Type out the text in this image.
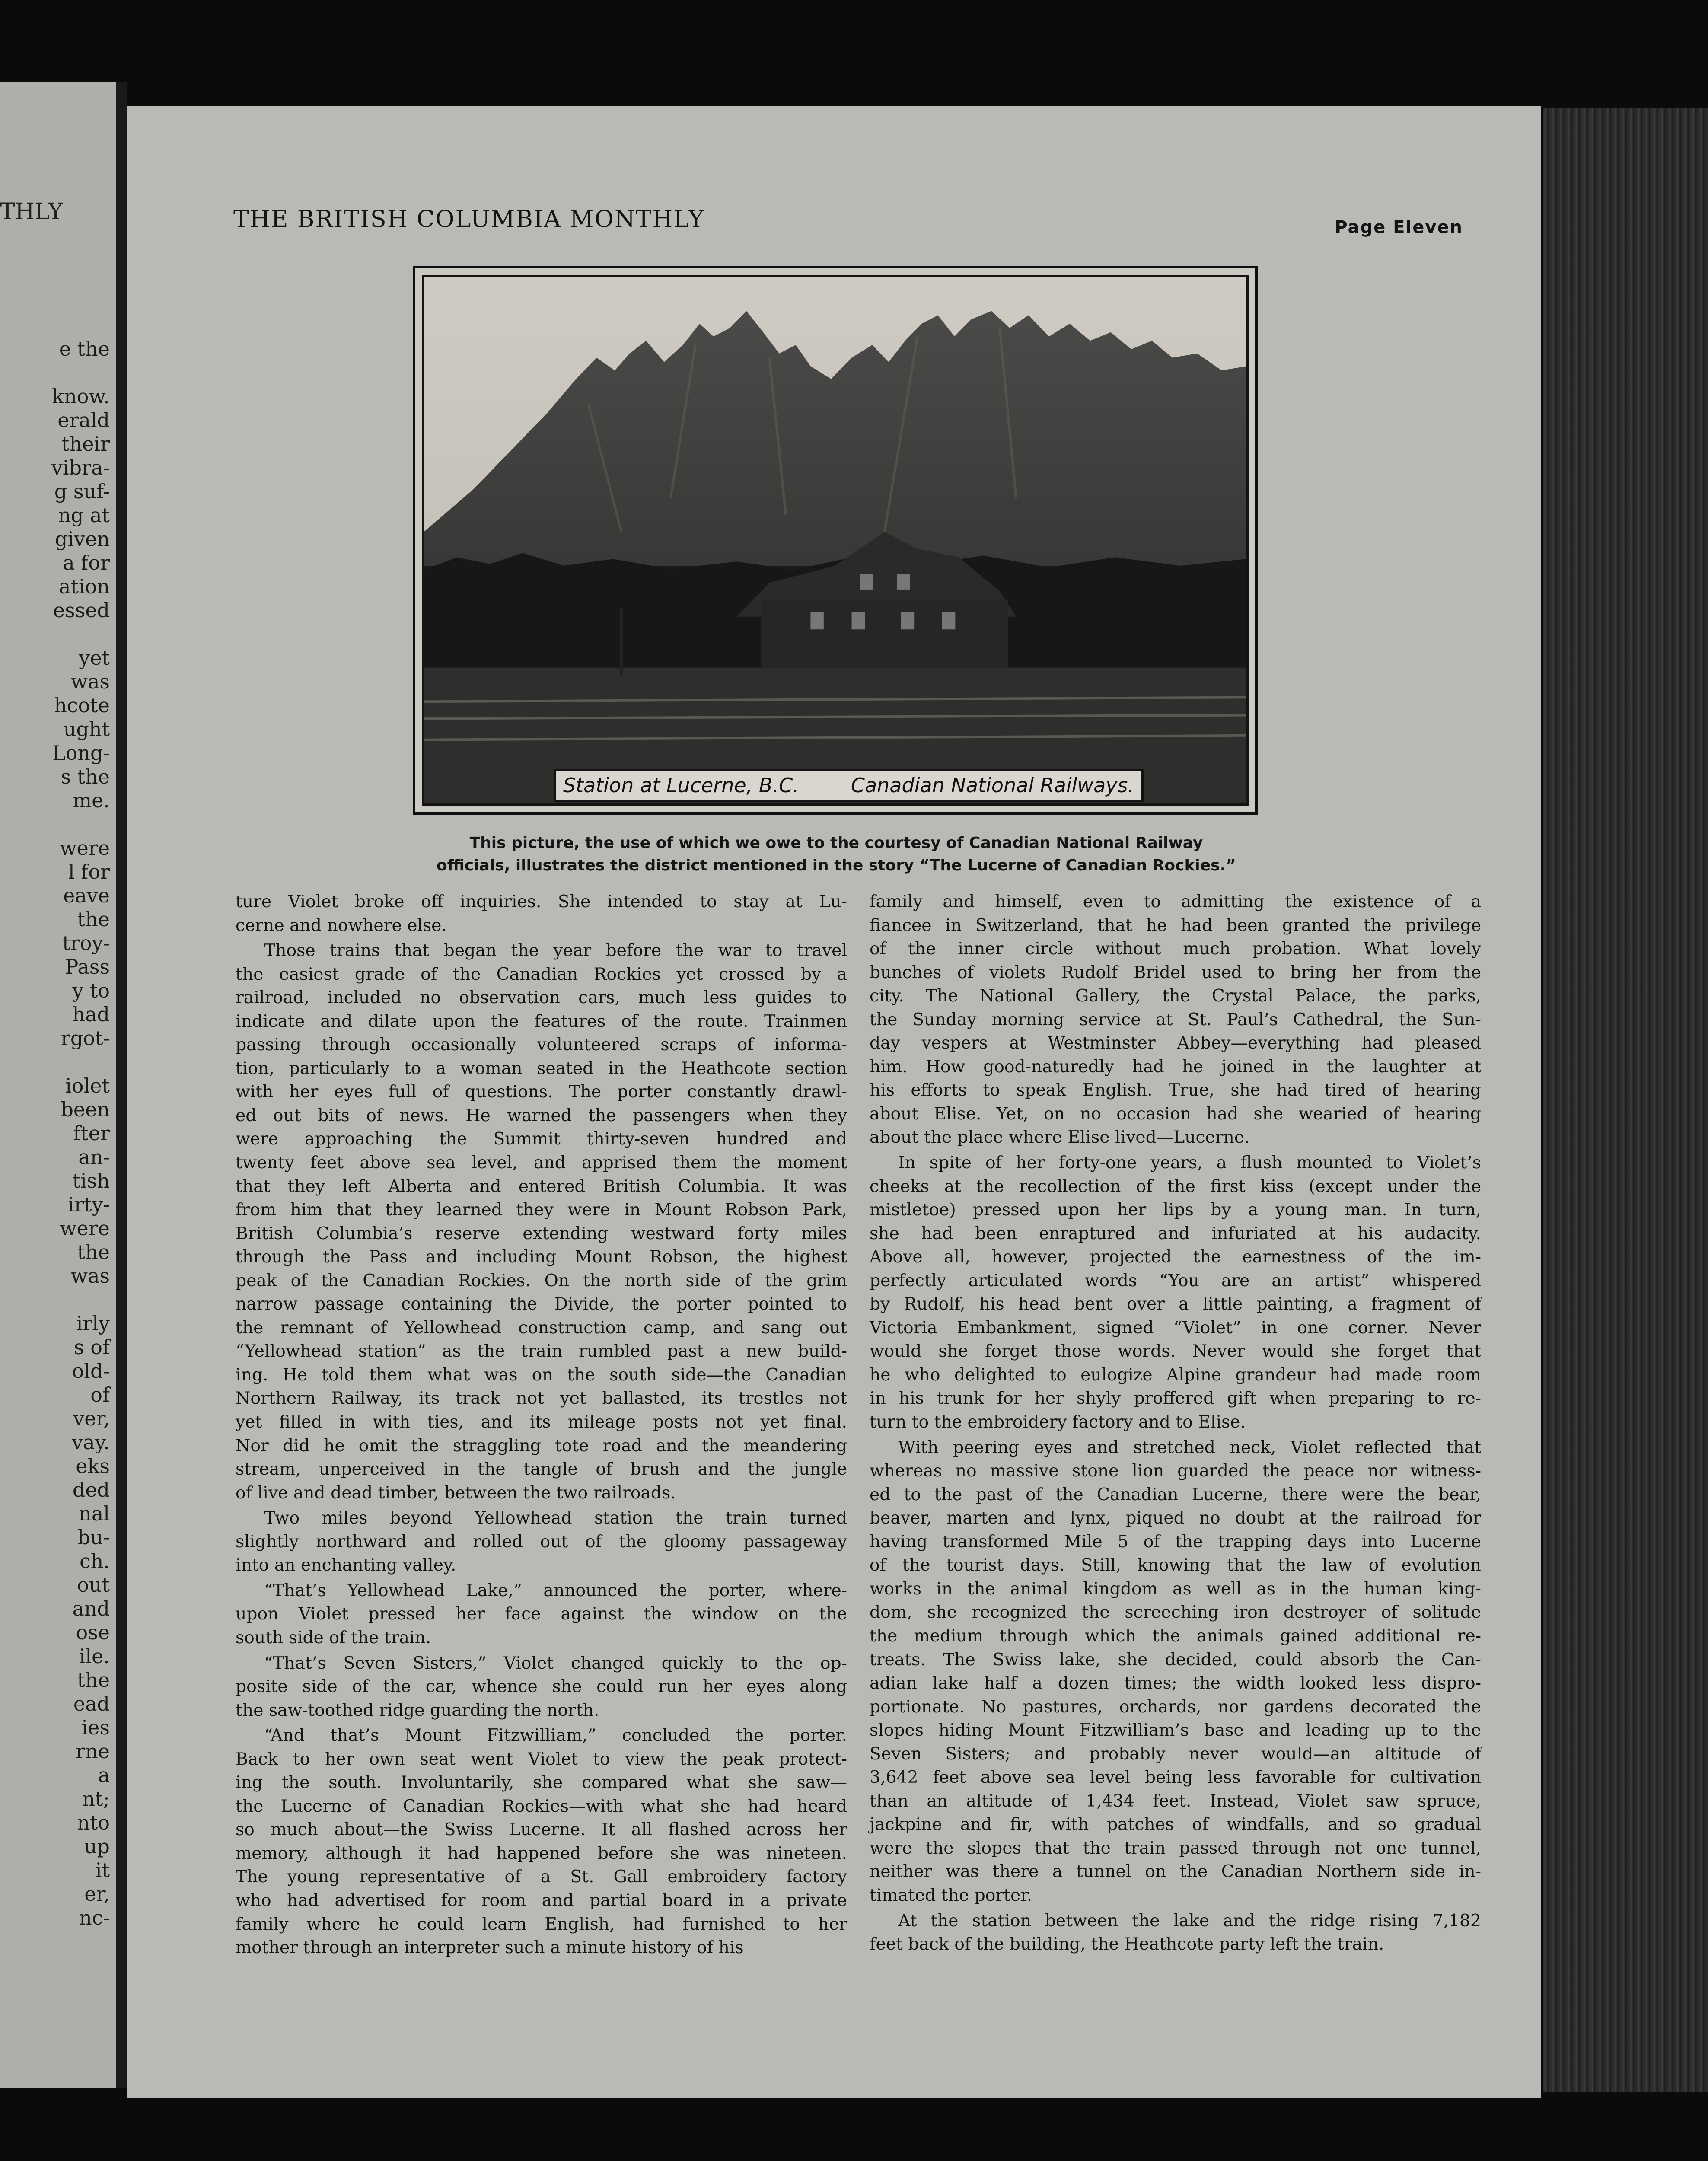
THLY
e the

know.
erald
their
vibra-
g suf-
ng at
given
a for
ation
essed

yet
was
hcote
ught
Long-
s the
me.

were
l for
eave
the
troy-
Pass
y to
had
rgot-

iolet
been
fter
an-
tish
irty-
were
the
was

irly
s of
old-
of
ver,
vay.
eks
ded
nal
bu-
ch.
out
and
ose
ile.
the
ead
ies
rne
a
nt;
nto
up
it
er,
nc-
THE BRITISH COLUMBIA MONTHLY	Page Eleven
Station at Lucerne, B.C.	Canadian National Railways.

This picture, the use of which we owe to the courtesy of Canadian National Railway

officials, illustrates the district mentioned in the story “The Lucerne of Canadian Rockies.”

ture Violet broke off inquiries. She intended to stay at Lu-
cerne and nowhere else.

Those trains that began the year before the war to travel
the easiest grade of the Canadian Rockies yet crossed by a
railroad, included no observation cars, much less guides to
indicate and dilate upon the features of the route. Trainmen
passing through occasionally volunteered scraps of informa-
tion, particularly to a woman seated in the Heathcote section
with her eyes full of questions. The porter constantly drawl-
ed out bits of news. He warned the passengers when they
were approaching the Summit thirty-seven hundred and
twenty feet above sea level, and apprised them the moment
that they left Alberta and entered British Columbia. It was
from him that they learned they were in Mount Robson Park,
British Columbia’s reserve extending westward forty miles
through the Pass and including Mount Robson, the highest
peak of the Canadian Rockies. On the north side of the grim
narrow passage containing the Divide, the porter pointed to
the remnant of Yellowhead construction camp, and sang out
“Yellowhead station” as the train rumbled past a new build-
ing. He told them what was on the south side—the Canadian
Northern Railway, its track not yet ballasted, its trestles not
yet filled in with ties, and its mileage posts not yet final.
Nor did he omit the straggling tote road and the meandering
stream, unperceived in the tangle of brush and the jungle
of live and dead timber, between the two railroads.

Two miles beyond Yellowhead station the train turned
slightly northward and rolled out of the gloomy passageway
into an enchanting valley.

“That’s Yellowhead Lake,” announced the porter, where-
upon Violet pressed her face against the window on the
south side of the train.

“That’s Seven Sisters,” Violet changed quickly to the op-
posite side of the car, whence she could run her eyes along
the saw-toothed ridge guarding the north.

“And that’s Mount Fitzwilliam,” concluded the porter.
Back to her own seat went Violet to view the peak protect-
ing the south. Involuntarily, she compared what she saw—
the Lucerne of Canadian Rockies—with what she had heard
so much about—the Swiss Lucerne. It all flashed across her
memory, although it had happened before she was nineteen.
The young representative of a St. Gall embroidery factory
who had advertised for room and partial board in a private
family where he could learn English, had furnished to her
mother through an interpreter such a minute history of his

family and himself, even to admitting the existence of a
fiancee in Switzerland, that he had been granted the privilege
of the inner circle without much probation. What lovely
bunches of violets Rudolf Bridel used to bring her from the
city. The National Gallery, the Crystal Palace, the parks,
the Sunday morning service at St. Paul’s Cathedral, the Sun-
day vespers at Westminster Abbey—everything had pleased
him. How good-naturedly had he joined in the laughter at
his efforts to speak English. True, she had tired of hearing
about Elise. Yet, on no occasion had she wearied of hearing
about the place where Elise lived—Lucerne.

In spite of her forty-one years, a flush mounted to Violet’s
cheeks at the recollection of the first kiss (except under the
mistletoe) pressed upon her lips by a young man. In turn,
she had been enraptured and infuriated at his audacity.
Above all, however, projected the earnestness of the im-
perfectly articulated words “You are an artist” whispered
by Rudolf, his head bent over a little painting, a fragment of
Victoria Embankment, signed “Violet” in one corner. Never
would she forget those words. Never would she forget that
he who delighted to eulogize Alpine grandeur had made room
in his trunk for her shyly proffered gift when preparing to re-
turn to the embroidery factory and to Elise.

With peering eyes and stretched neck, Violet reflected that
whereas no massive stone lion guarded the peace nor witness-
ed to the past of the Canadian Lucerne, there were the bear,
beaver, marten and lynx, piqued no doubt at the railroad for
having transformed Mile 5 of the trapping days into Lucerne
of the tourist days. Still, knowing that the law of evolution
works in the animal kingdom as well as in the human king-
dom, she recognized the screeching iron destroyer of solitude
the medium through which the animals gained additional re-
treats. The Swiss lake, she decided, could absorb the Can-
adian lake half a dozen times; the width looked less dispro-
portionate. No pastures, orchards, nor gardens decorated the
slopes hiding Mount Fitzwilliam’s base and leading up to the
Seven Sisters; and probably never would—an altitude of
3,642 feet above sea level being less favorable for cultivation
than an altitude of 1,434 feet. Instead, Violet saw spruce,
jackpine and fir, with patches of windfalls, and so gradual
were the slopes that the train passed through not one tunnel,
neither was there a tunnel on the Canadian Northern side in-
timated the porter.

At the station between the lake and the ridge rising 7,182
feet back of the building, the Heathcote party left the train.
